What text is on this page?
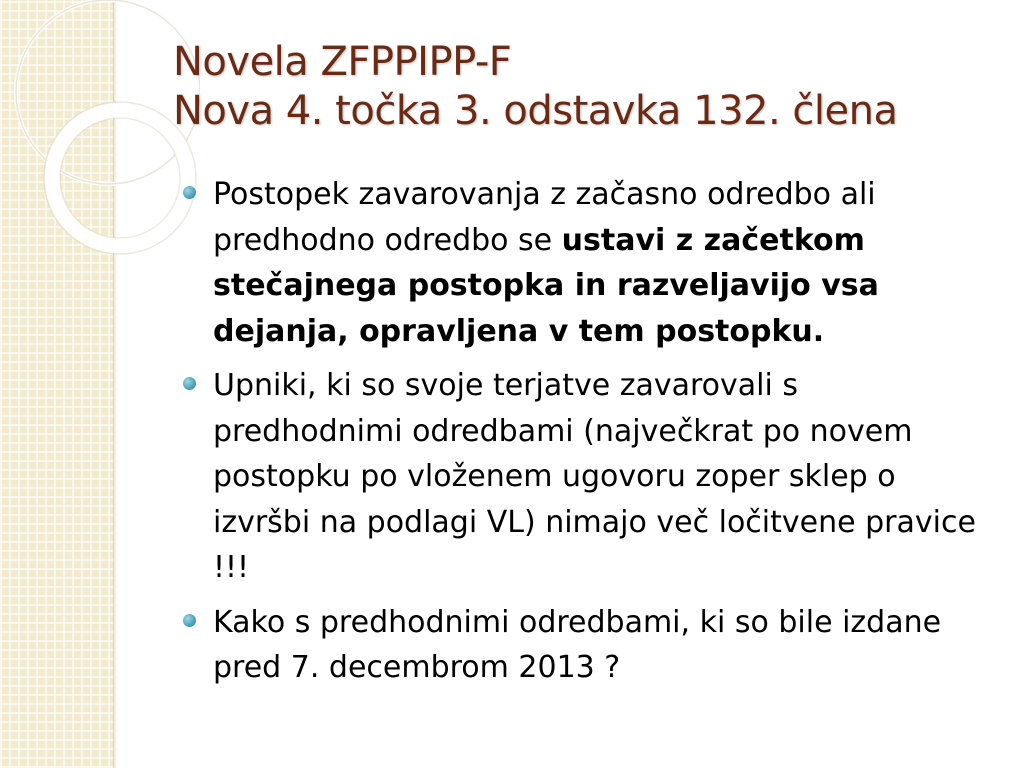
Novela ZFPPIPP-F
Nova 4. točka 3. odstavka 132. člena
Postopek zavarovanja z začasno odredbo ali predhodno odredbo se ustavi z začetkom stečajnega postopka in razveljavijo vsa dejanja, opravljena v tem postopku.
Upniki, ki so svoje terjatve zavarovali s predhodnimi odredbami (največkrat po novem postopku po vloženem ugovoru zoper sklep o izvršbi na podlagi VL) nimajo več ločitvene pravice !!!
Kako s predhodnimi odredbami, ki so bile izdane pred 7. decembrom 2013 ?
